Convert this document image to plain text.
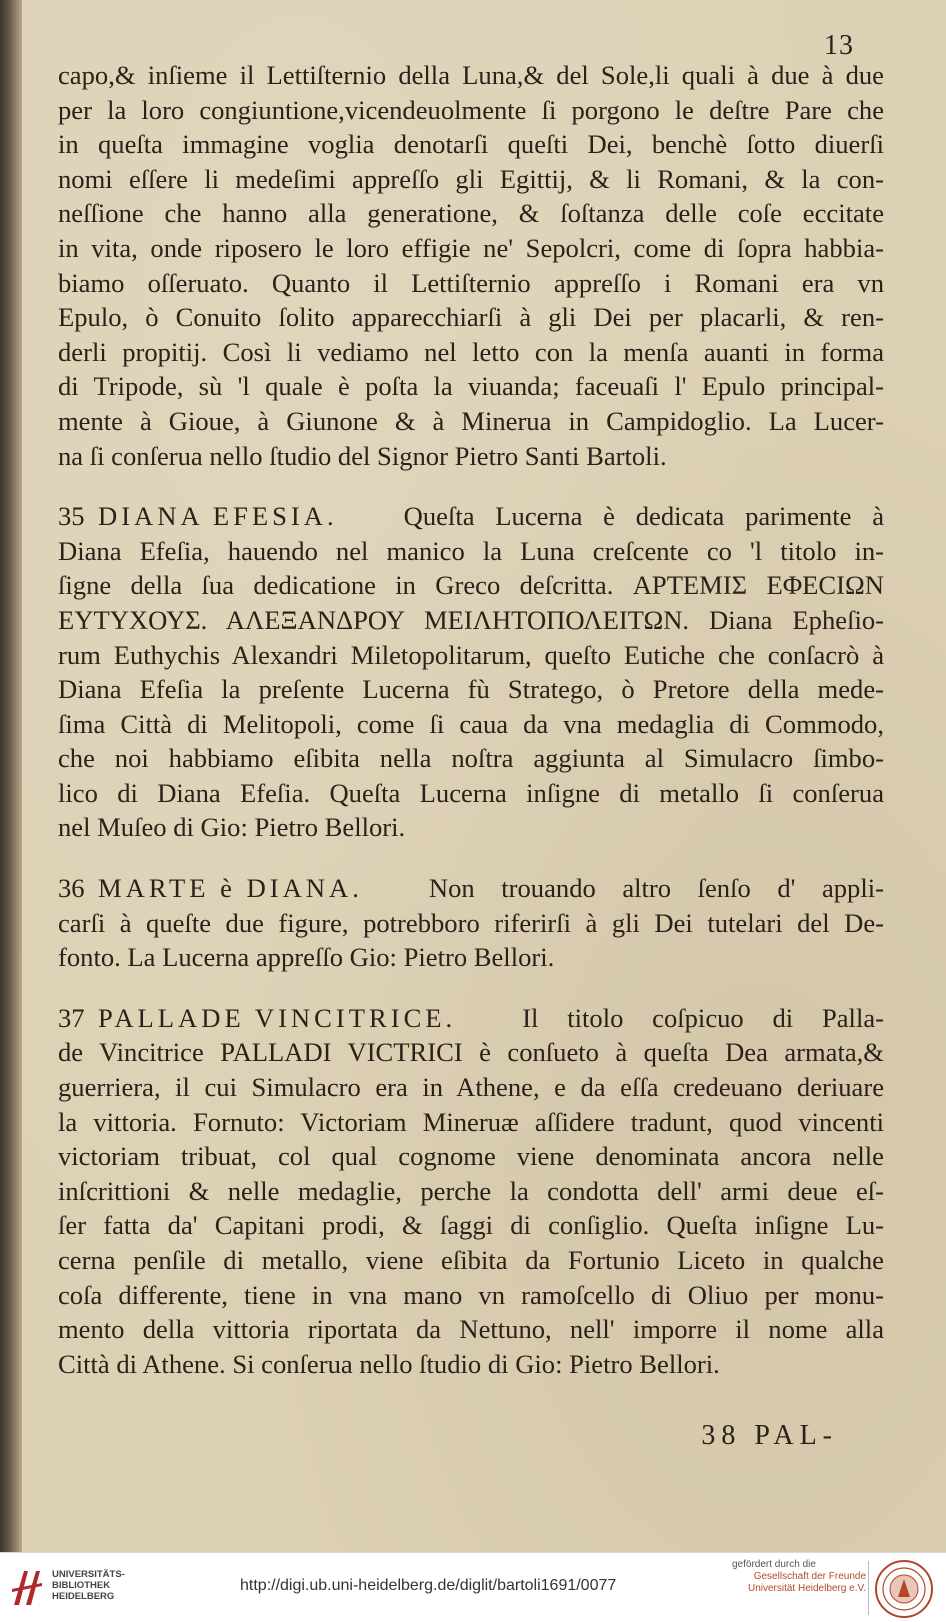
13
capo,& inſieme il Lettiſternio della Luna,& del Sole,li quali à due à due
per la loro congiuntione,vicendeuolmente ſi porgono le deſtre Pare che
in queſta immagine voglia denotarſi queſti Dei, benchè ſotto diuerſi
nomi eſſere li medeſimi appreſſo gli Egittij, & li Romani, & la con-
neſſione che hanno alla generatione, & ſoſtanza delle coſe eccitate
in vita, onde riposero le loro effigie ne' Sepolcri, come di ſopra habbia-
biamo oſſeruato. Quanto il Lettiſternio appreſſo i Romani era vn
Epulo, ò Conuito ſolito apparecchiarſi à gli Dei per placarli, & ren-
derli propitij. Così li vediamo nel letto con la menſa auanti in forma
di Tripode, sù 'l quale è poſta la viuanda; faceuaſi l' Epulo principal-
mente à Gioue, à Giunone & à Mineruа in Campidoglio. La Lucer-
na ſi conſerua nello ſtudio del Signor Pietro Santi Bartoli.
35 DIANA EFESIA. Queſta Lucerna è dedicata parimente à
Diana Efeſia, hauendo nel manico la Luna creſcente co 'l titolo in-
ſigne della ſua dedicatione in Greco deſcritta. ΑΡΤΕΜΙΣ ΕΦΕCΙΩΝ
ΕΥΤΥΧΟΥΣ. ΑΛΕΞΑΝΔΡΟΥ ΜΕΙΛΗΤΟΠΟΛΕΙΤΩΝ. Diana Epheſio-
rum Euthychis Alexandri Miletopolitarum, queſto Eutiche che conſacrò à
Diana Efeſia la preſente Lucerna fù Stratego, ò Pretore della mede-
ſima Città di Melitopoli, come ſi caua da vna medaglia di Commodo,
che noi habbiamo eſibita nella noſtra aggiunta al Simulacro ſimbo-
lico di Diana Efeſia. Queſta Lucerna inſigne di metallo ſi conſerua
nel Muſeo di Gio: Pietro Bellori.
36 MARTE è DIANA. Non trouando altro ſenſo d' appli-
carſi à queſte due figure, potrebboro riferirſi à gli Dei tutelari del De-
fonto. La Lucerna appreſſo Gio: Pietro Bellori.
37 PALLADE VINCITRICE. Il titolo coſpicuo di Palla-
de Vincitrice PALLADI VICTRICI è conſueto à queſta Dea armata,&
guerriera, il cui Simulacro era in Athene, e da eſſa credeuano deriuare
la vittoria. Fornuto: Victoriam Mineruæ aſſidere tradunt, quod vincenti
victoriam tribuat, col qual cognome viene denominata ancora nelle
inſcrittioni & nelle medaglie, perche la condotta dell' armi deue eſ-
ſer fatta da' Capitani prodi, & ſaggi di conſiglio. Queſta inſigne Lu-
cerna penſile di metallo, viene eſibita da Fortunio Liceto in qualche
coſa differente, tiene in vna mano vn ramoſcello di Oliuo per monu-
mento della vittoria riportata da Nettuno, nell' imporre il nome alla
Città di Athene. Si conſerua nello ſtudio di Gio: Pietro Bellori.
38 PAL-
UNIVERSITÄTS-
BIBLIOTHEK
HEIDELBERG
http://digi.ub.uni-heidelberg.de/diglit/bartoli1691/0077
gefördert durch die
Gesellschaft der Freunde
Universität Heidelberg e.V.
